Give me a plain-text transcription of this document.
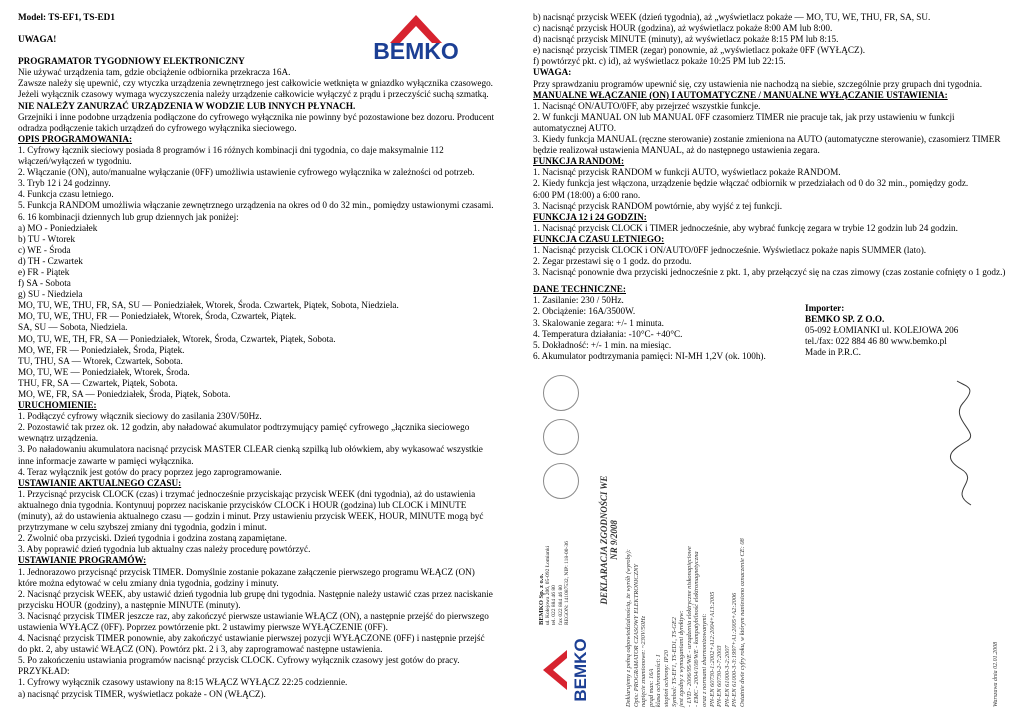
Model: TS-EF1, TS-ED1
UWAGA!
PROGRAMATOR TYGODNIOWY ELEKTRONICZNY
Nie używać urządzenia tam, gdzie obciążenie odbiornika przekracza 16A.
Zawsze należy się upewnić, czy wtyczka urządzenia zewnętrznego jest całkowicie wetknięta w gniazdko wyłącznika czasowego.
Jeżeli wyłącznik czasowy wymaga wyczyszczenia należy urządzenie całkowicie wyłączyć z prądu i przeczyścić suchą szmatką.
NIE NALEŻY ZANURZAĆ URZĄDZENIA W WODZIE LUB INNYCH PŁYNACH.
Grzejniki i inne podobne urządzenia podłączone do cyfrowego wyłącznika nie powinny być pozostawione bez dozoru. Producent
odradza podłączenie takich urządzeń do cyfrowego wyłącznika sieciowego.
OPIS PROGRAMOWANIA:
1. Cyfrowy łącznik sieciowy posiada 8 programów i 16 różnych kombinacji dni tygodnia, co daje maksymalnie 112
włączeń/wyłączeń w tygodniu.
2. Włączanie (ON), auto/manualne wyłączanie (0FF) umożliwia ustawienie cyfrowego wyłącznika w zależności od potrzeb.
3. Tryb 12 i 24 godzinny.
4. Funkcja czasu letniego.
5. Funkcja RANDOM umożliwia włączanie zewnętrznego urządzenia na okres od 0 do 32 min., pomiędzy ustawionymi czasami.
6. 16 kombinacji dziennych lub grup dziennych jak poniżej:
a) MO - Poniedziałek
b) TU - Wtorek
c) WE - Środa
d) TH - Czwartek
e) FR - Piątek
f) SA - Sobota
g) SU - Niedziela
MO, TU, WE, THU, FR, SA, SU — Poniedziałek, Wtorek, Środa. Czwartek, Piątek, Sobota, Niedziela.
MO, TU, WE, THU, FR — Poniedziałek, Wtorek, Środa, Czwartek, Piątek.
SA, SU — Sobota, Niedziela.
MO, TU, WE, TH, FR, SA — Poniedziałek, Wtorek, Środa, Czwartek, Piątek, Sobota.
MO, WE, FR — Poniedziałek, Środa, Piątek.
TU, THU, SA — Wtorek, Czwartek, Sobota.
MO, TU, WE — Poniedziałek, Wtorek, Środa.
THU, FR, SA — Czwartek, Piątek, Sobota.
MO, WE, FR, SA — Poniedziałek, Środa, Piątek, Sobota.
URUCHOMIENIE:
1. Podłączyć cyfrowy włącznik sieciowy do zasilania 230V/50Hz.
2. Pozostawić tak przez ok. 12 godzin, aby naładować akumulator podtrzymujący pamięć cyfrowego „łącznika sieciowego
wewnątrz urządzenia.
3. Po naładowaniu akumulatora nacisnąć przycisk MASTER CLEAR cienką szpilką lub ołówkiem, aby wykasować wszystkie
inne informacje zawarte w pamięci wyłącznika.
4. Teraz wyłącznik jest gotów do pracy poprzez jego zaprogramowanie.
USTAWIANIE AKTUALNEGO CZASU:
1. Przycisnąć przycisk CLOCK (czas) i trzymać jednocześnie przyciskając przycisk WEEK (dni tygodnia), aż do ustawienia
aktualnego dnia tygodnia. Kontynuuj poprzez naciskanie przycisków CLOCK i HOUR (godzina) lub CLOCK i MINUTE
(minuty), aż do ustawienia aktualnego czasu — godzin i minut. Przy ustawieniu przycisk WEEK, HOUR, MINUTE mogą być
przytrzymane w celu szybszej zmiany dni tygodnia, godzin i minut.
2. Zwolnić oba przyciski. Dzień tygodnia i godzina zostaną zapamiętane.
3. Aby poprawić dzień tygodnia lub aktualny czas należy procedurę powtórzyć.
USTAWIANIE PROGRAMÓW:
1. Jednorazowo przycisnąć przycisk TIMER. Domyślnie zostanie pokazane załączenie pierwszego programu WŁĄCZ (ON)
które można edytować w celu zmiany dnia tygodnia, godziny i minuty.
2. Nacisnąć przycisk WEEK, aby ustawić dzień tygodnia lub grupę dni tygodnia. Następnie należy ustawić czas przez naciskanie
przycisku HOUR (godziny), a następnie MINUTE (minuty).
3. Nacisnąć przycisk TIMER jeszcze raz, aby zakończyć pierwsze ustawianie WŁĄCZ (ON), a następnie przejść do pierwszego
ustawienia WYŁĄCZ (0FF). Poprzez powtórzenie pkt. 2 ustawimy pierwsze WYŁĄCZENIE (0FF).
4. Nacisnąć przycisk TIMER ponownie, aby zakończyć ustawianie pierwszej pozycji WYŁĄCZONE (0FF) i następnie przejść
do pkt. 2, aby ustawić WŁĄCZ (ON). Powtórz pkt. 2 i 3, aby zaprogramować następne ustawienia.
5. Po zakończeniu ustawiania programów nacisnąć przycisk CLOCK. Cyfrowy wyłącznik czasowy jest gotów do pracy.
PRZYKŁAD:
1. Cyfrowy wyłącznik czasowy ustawiony na 8:15 WŁĄCZ WYŁĄCZ 22:25 codziennie.
a) nacisnąć przycisk TIMER, wyświetlacz pokaże - ON (WŁĄCZ).
BEMKO
b) nacisnąć przycisk WEEK (dzień tygodnia), aż „wyświetlacz pokaże — MO, TU, WE, THU, FR, SA, SU.
c) nacisnąć przycisk HOUR (godzina), aż wyświetlacz pokaże 8:00 AM lub 8:00.
d) nacisnąć przycisk MINUTE (minuty), aż wyświetlacz pokaże 8:15 PM lub 8:15.
e) nacisnąć przycisk TIMER (zegar) ponownie, aż „wyświetlacz pokaże 0FF (WYŁĄCZ).
f) powtórzyć pkt. c) id), aż wyświetlacz pokaże 10:25 PM lub 22:15.
UWAGA:
Przy sprawdzaniu programów upewnić się, czy ustawienia nie nachodzą na siebie, szczególnie przy grupach dni tygodnia.
MANUALNE WŁĄCZANIE (ON) I AUTOMATYCZNE / MANUALNE WYŁĄCZANIE USTAWIENIA:
1. Nacisnąć ON/AUTO/0FF, aby przejrzeć wszystkie funkcje.
2. W funkcji MANUAL ON lub MANUAL 0FF czasomierz TIMER nie pracuje tak, jak przy ustawieniu w funkcji
automatycznej AUTO.
3. Kiedy funkcja MANUAL (ręczne sterowanie) zostanie zmieniona na AUTO (automatyczne sterowanie), czasomierz TIMER
będzie realizował ustawienia MANUAL, aż do następnego ustawienia zegara.
FUNKCJA RANDOM:
1. Nacisnąć przycisk RANDOM w funkcji AUTO, wyświetlacz pokaże RANDOM.
2. Kiedy funkcja jest włączona, urządzenie będzie włączać odbiornik w przedziałach od 0 do 32 min., pomiędzy godz.
6:00 PM (18:00) a 6:00 rano.
3. Nacisnąć przycisk RANDOM powtórnie, aby wyjść z tej funkcji.
FUNKCJA 12 i 24 GODZIN:
1. Nacisnąć przycisk CLOCK i TIMER jednocześnie, aby wybrać funkcję zegara w trybie 12 godzin lub 24 godzin.
FUNKCJA CZASU LETNIEGO:
1. Nacisnąć przycisk CLOCK i ON/AUTO/0FF jednocześnie. Wyświetlacz pokaże napis SUMMER (lato).
2. Zegar przestawi się o 1 godz. do przodu.
3. Nacisnąć ponownie dwa przyciski jednocześnie z pkt. 1, aby przełączyć się na czas zimowy (czas zostanie cofnięty o 1 godz.)
DANE TECHNICZNE:
1. Zasilanie: 230 / 50Hz.
2. Obciążenie: 16A/3500W.
3. Skalowanie zegara: +/- 1 minuta.
4. Temperatura działania: -10°C- +40°C.
5. Dokładność: +/- 1 min. na miesiąc.
6. Akumulator podtrzymania pamięci: NI-MH 1,2V (ok. 100h).
Importer:
BEMKO SP. Z O.O.
05-092 ŁOMIANKI ul. KOLEJOWA 206
tel./fax: 022 884 46 80 www.bemko.pl
Made in P.R.C.
BEMKO
BEMKO Sp. z o.o. ul. Kolejowa 206, 05-092 Łomianki tel. 022 884 46 80 fax 022 884 46 80 REGON: 141087532, NIP: 118-00-36	DEKLARACJA ZGODNOŚCI WE NR 9/2008
Deklarujemy z pełną odpowiedzialnością, że wyrób (wyroby): Opis: PROGRAMATOR CZASOWY ELEKTRONICZNY napięcie znamionowe: ~230V/50Hz prąd max: 16A klasa ochronności: I stopień ochrony: IP20 Symbol: TS-EF1, TS-ED1, TS-GE2 jest zgodny z wymaganiami dyrektyw: - LVD - 2006/95/WE - urządzenia elektryczne niskonapięciowe - EMC - 2004/108/WE - kompatybilność elektromagnetyczna oraz z normami zharmonizowanymi: PN-EN 60730-1:2002+A12:2004+A13:2005 PN-EN 60730-2-7:2003 PN-EN 61000-3-2:2007 PN-EN 61000-3-3:1997+A1:2005+A2:2006 Ostatnie dwie cyfry roku, w którym naniesiono oznaczenie CE: 08	Warszawa dnia 02.01.2008
